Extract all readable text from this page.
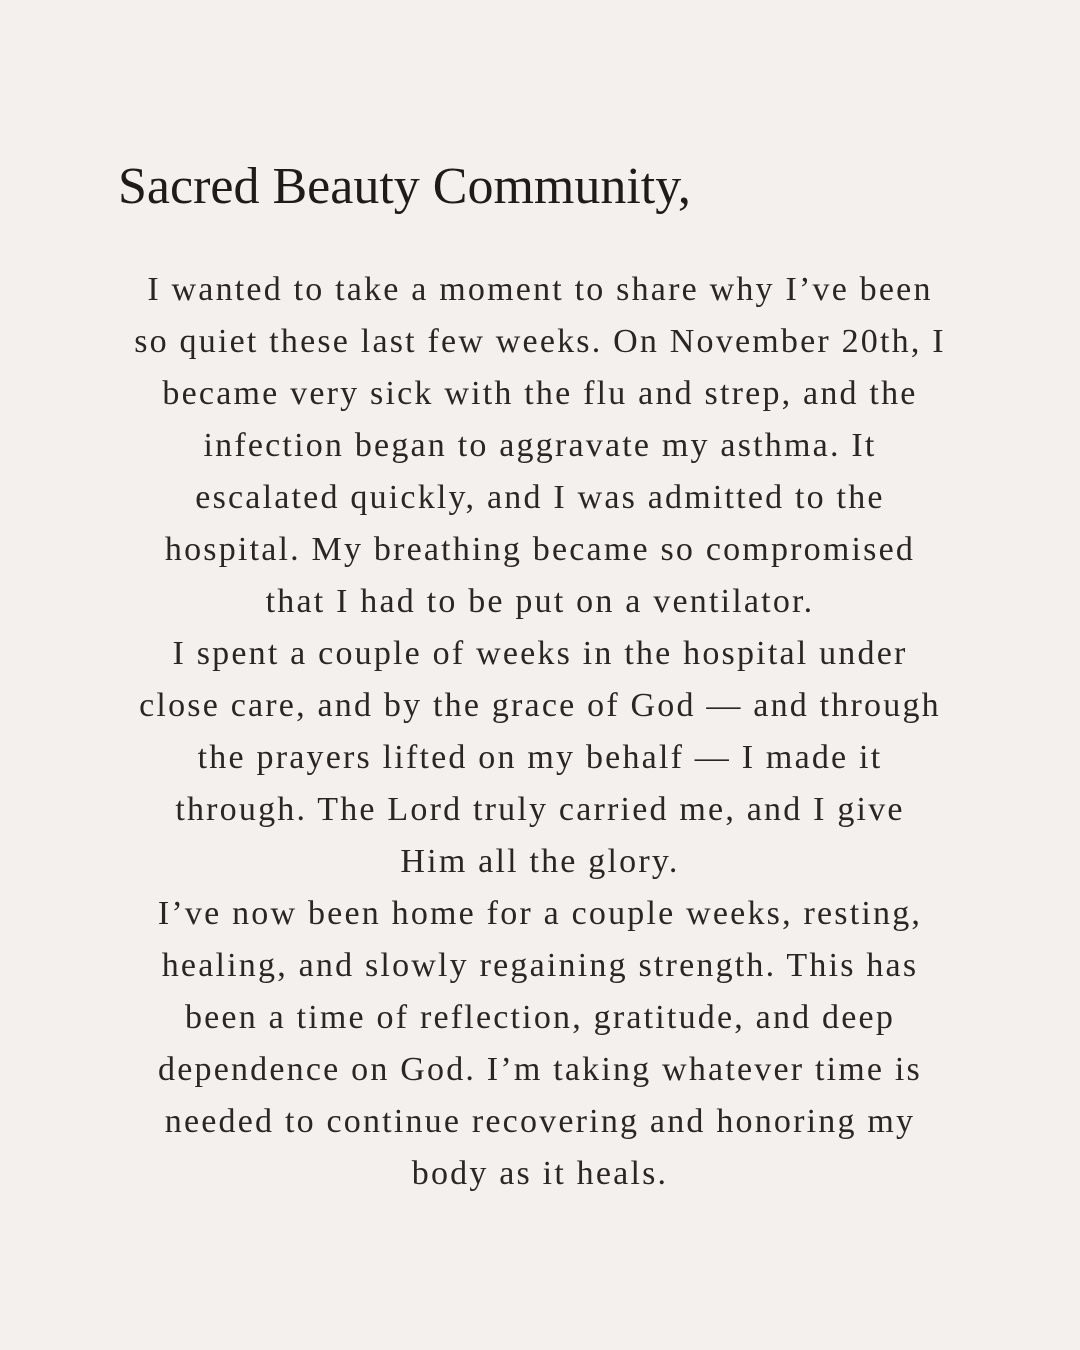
Sacred Beauty Community,
I wanted to take a moment to share why I’ve been
so quiet these last few weeks. On November 20th, I
became very sick with the flu and strep, and the
infection began to aggravate my asthma. It
escalated quickly, and I was admitted to the
hospital. My breathing became so compromised
that I had to be put on a ventilator.
I spent a couple of weeks in the hospital under
close care, and by the grace of God — and through
the prayers lifted on my behalf — I made it
through. The Lord truly carried me, and I give
Him all the glory.
I’ve now been home for a couple weeks, resting,
healing, and slowly regaining strength. This has
been a time of reflection, gratitude, and deep
dependence on God. I’m taking whatever time is
needed to continue recovering and honoring my
body as it heals.
